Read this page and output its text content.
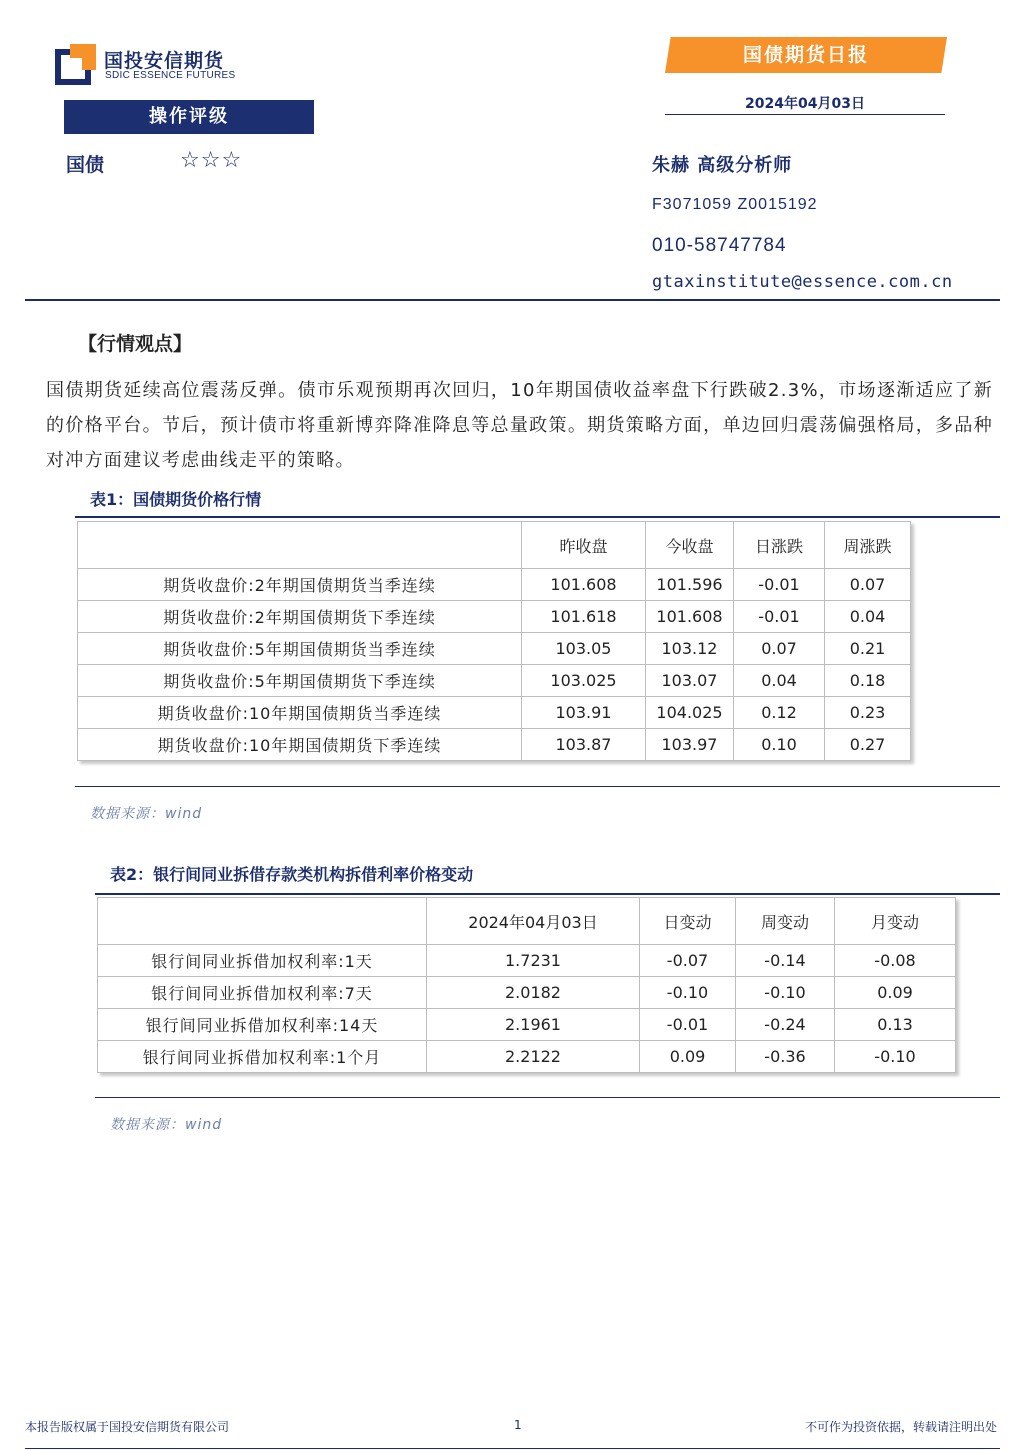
国投安信期货
SDIC ESSENCE FUTURES
国债期货日报
2024年04月03日
操作评级
国债	☆☆☆	朱赫 高级分析师
F3071059 Z0015192
010-58747784
gtaxinstitute@essence.com.cn
【行情观点】
国债期货延续高位震荡反弹。债市乐观预期再次回归，10年期国债收益率盘下行跌破2.3%，市场逐渐适应了新的价格平台。节后，预计债市将重新博弈降准降息等总量政策。期货策略方面，单边回归震荡偏强格局，多品种对冲方面建议考虑曲线走平的策略。
表1：国债期货价格行情
	昨收盘	今收盘	日涨跌	周涨跌
期货收盘价:2年期国债期货当季连续	101.608	101.596	-0.01	0.07
期货收盘价:2年期国债期货下季连续	101.618	101.608	-0.01	0.04
期货收盘价:5年期国债期货当季连续	103.05	103.12	0.07	0.21
期货收盘价:5年期国债期货下季连续	103.025	103.07	0.04	0.18
期货收盘价:10年期国债期货当季连续	103.91	104.025	0.12	0.23
期货收盘价:10年期国债期货下季连续	103.87	103.97	0.10	0.27
数据来源：wind
表2：银行间同业拆借存款类机构拆借利率价格变动
	2024年04月03日	日变动	周变动	月变动
银行间同业拆借加权利率:1天	1.7231	-0.07	-0.14	-0.08
银行间同业拆借加权利率:7天	2.0182	-0.10	-0.10	0.09
银行间同业拆借加权利率:14天	2.1961	-0.01	-0.24	0.13
银行间同业拆借加权利率:1个月	2.2122	0.09	-0.36	-0.10
数据来源：wind
本报告版权属于国投安信期货有限公司	1	不可作为投资依据，转载请注明出处
